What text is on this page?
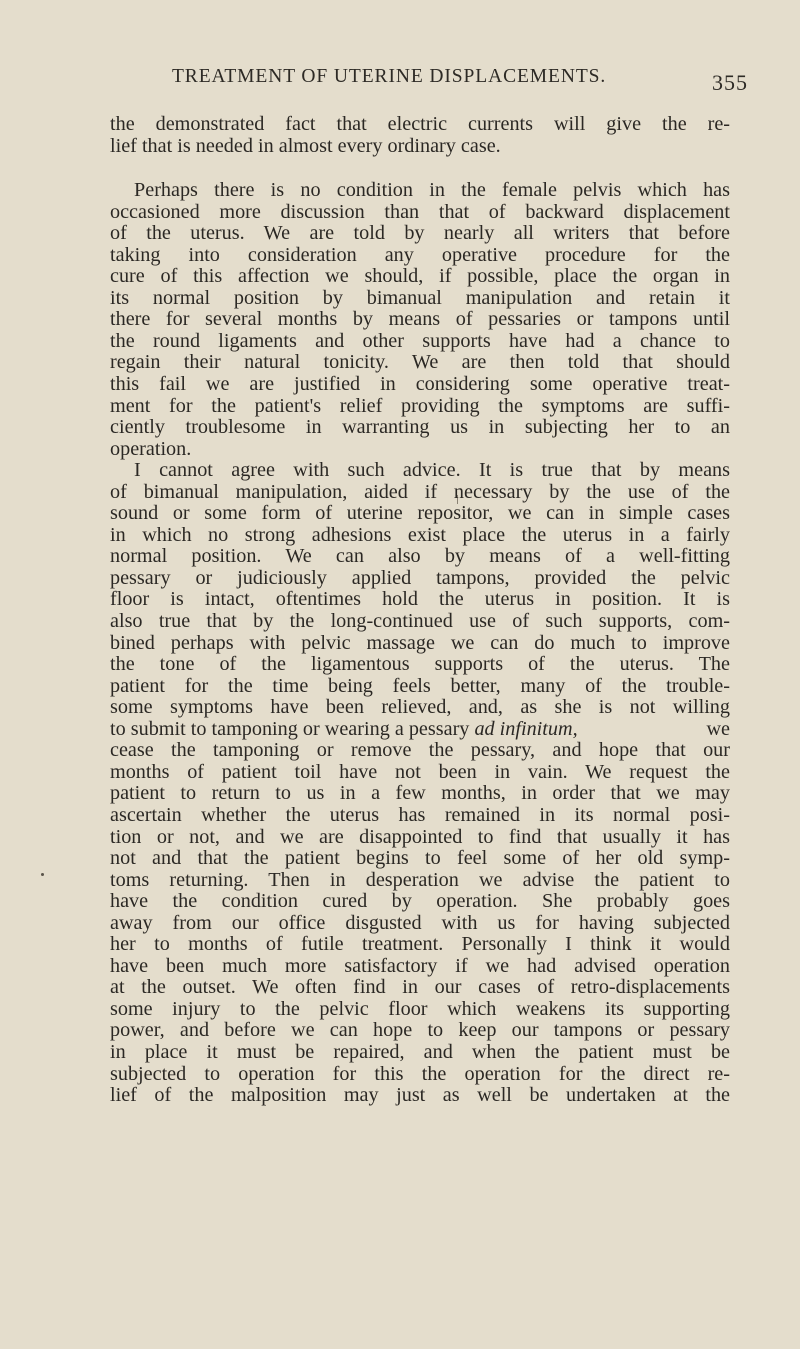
TREATMENT OF UTERINE DISPLACEMENTS.	355
the demonstrated fact that electric currents will give the re-
lief that is needed in almost every ordinary case.
Perhaps there is no condition in the female pelvis which has
occasioned more discussion than that of backward displacement
of the uterus. We are told by nearly all writers that before
taking into consideration any operative procedure for the
cure of this affection we should, if possible, place the organ in
its normal position by bimanual manipulation and retain it
there for several months by means of pessaries or tampons until
the round ligaments and other supports have had a chance to
regain their natural tonicity. We are then told that should
this fail we are justified in considering some operative treat-
ment for the patient's relief providing the symptoms are suffi-
ciently troublesome in warranting us in subjecting her to an
operation.
I cannot agree with such advice. It is true that by means
of bimanual manipulation, aided if necessary by the use of the
sound or some form of uterine repositor, we can in simple cases
in which no strong adhesions exist place the uterus in a fairly
normal position. We can also by means of a well-fitting
pessary or judiciously applied tampons, provided the pelvic
floor is intact, oftentimes hold the uterus in position. It is
also true that by the long-continued use of such supports, com-
bined perhaps with pelvic massage we can do much to improve
the tone of the ligamentous supports of the uterus. The
patient for the time being feels better, many of the trouble-
some symptoms have been relieved, and, as she is not willing
to submit to tamponing or wearing a pessary ad infinitum,	we
cease the tamponing or remove the pessary, and hope that our
months of patient toil have not been in vain. We request the
patient to return to us in a few months, in order that we may
ascertain whether the uterus has remained in its normal posi-
tion or not, and we are disappointed to find that usually it has
not and that the patient begins to feel some of her old symp-
toms returning. Then in desperation we advise the patient to
have the condition cured by operation. She probably goes
away from our office disgusted with us for having subjected
her to months of futile treatment. Personally I think it would
have been much more satisfactory if we had advised operation
at the outset. We often find in our cases of retro-displacements
some injury to the pelvic floor which weakens its supporting
power, and before we can hope to keep our tampons or pessary
in place it must be repaired, and when the patient must be
subjected to operation for this the operation for the direct re-
lief of the malposition may just as well be undertaken at the
